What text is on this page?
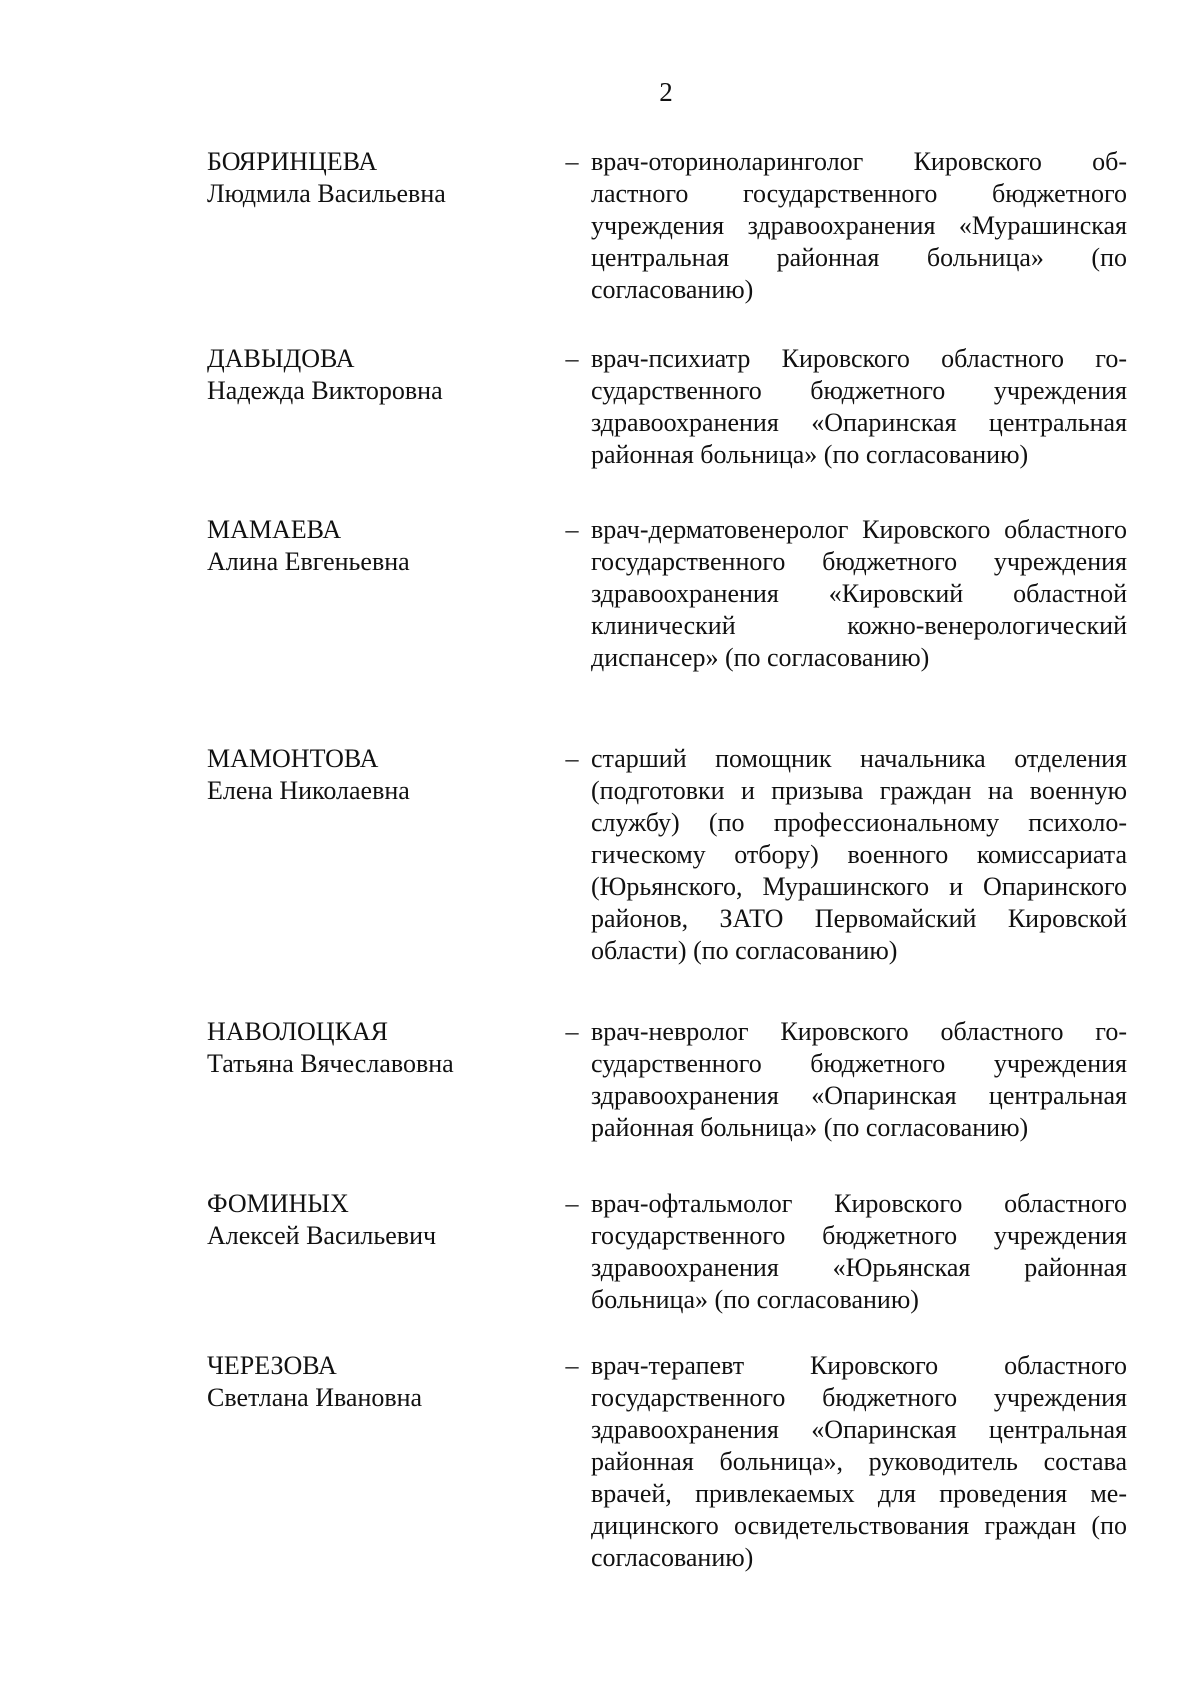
2
БОЯРИНЦЕВА
Людмила Васильевна
– врач-оториноларинголог Кировского областного государственного бюджетного учреждения здравоохранения «Мурашинская центральная районная больница» (по согласованию)
ДАВЫДОВА
Надежда Викторовна
– врач-психиатр Кировского областного государственного бюджетного учреждения здравоохранения «Опаринская центральная районная больница» (по согласованию)
МАМАЕВА
Алина Евгеньевна
– врач-дерматовенеролог Кировского областного государственного бюджетного учреждения здравоохранения «Кировский областной клинический кожно-венерологический диспансер» (по согласованию)
МАМОНТОВА
Елена Николаевна
– старший помощник начальника отделения (подготовки и призыва граждан на военную службу) (по профессиональному психологическому отбору) военного комиссариата (Юрьянского, Мурашинского и Опаринского районов, ЗАТО Первомайский Кировской области) (по согласованию)
НАВОЛОЦКАЯ
Татьяна Вячеславовна
– врач-невролог Кировского областного государственного бюджетного учреждения здравоохранения «Опаринская центральная районная больница» (по согласованию)
ФОМИНЫХ
Алексей Васильевич
– врач-офтальмолог Кировского областного государственного бюджетного учреждения здравоохранения «Юрьянская районная больница» (по согласованию)
ЧЕРЕЗОВА
Светлана Ивановна
– врач-терапевт Кировского областного государственного бюджетного учреждения здравоохранения «Опаринская центральная районная больница», руководитель состава врачей, привлекаемых для проведения медицинского освидетельствования граждан (по согласованию)
